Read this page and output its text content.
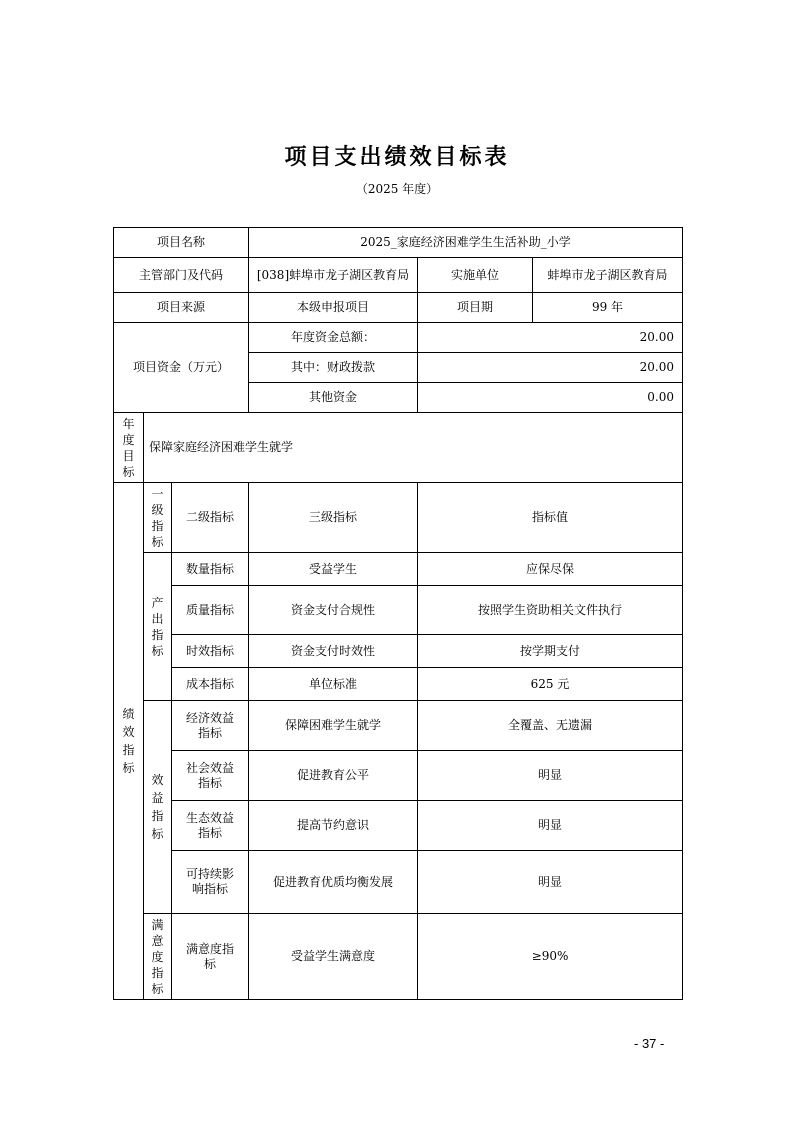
项目支出绩效目标表
（2025 年度）
项目名称			2025_家庭经济困难学生生活补助_小学		
主管部门及代码			[038]蚌埠市龙子湖区教育局	实施单位	蚌埠市龙子湖区教育局
项目来源			本级申报项目	项目期	99 年
项目资金（万元）			年度资金总额：	20.00	
			其中：财政拨款	20.00	
			其他资金	0.00	

年度目标	保障家庭经济困难学生就学				

绩效指标	一级指标	二级指标	三级指标	指标值	

	产出指标	数量指标	受益学生	应保尽保	
		质量指标	资金支付合规性	按照学生资助相关文件执行	
		时效指标	资金支付时效性	按学期支付	
		成本指标	单位标准	625 元	

	效益指标	经济效益指标	保障困难学生就学	全覆盖、无遗漏	
		社会效益指标	促进教育公平	明显	
		生态效益指标	提高节约意识	明显	
		可持续影响指标	促进教育优质均衡发展	明显	

	满意度指标	满意度指标	受益学生满意度	≥90%	
- 37 -
